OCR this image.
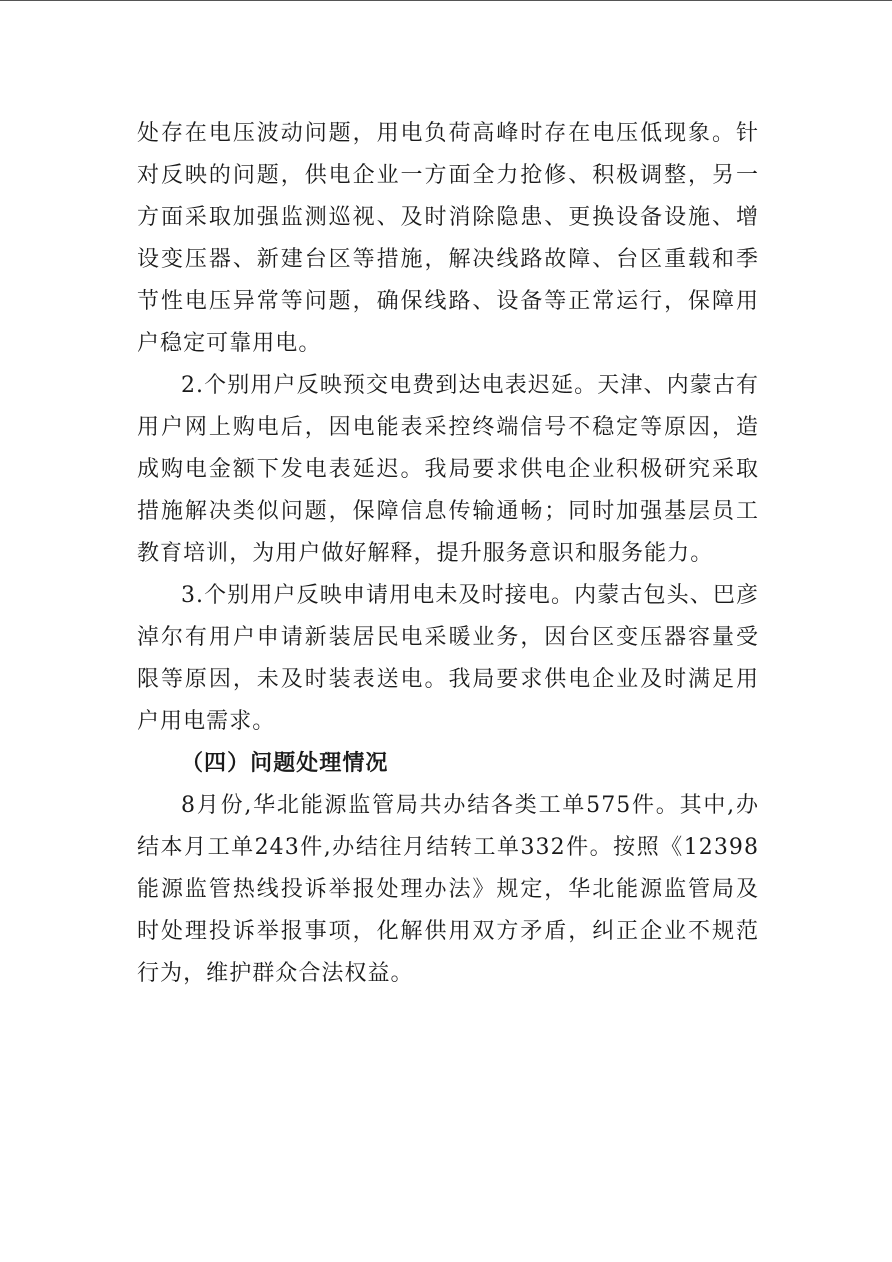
处存在电压波动问题，用电负荷高峰时存在电压低现象。针对反映的问题，供电企业一方面全力抢修、积极调整，另一方面采取加强监测巡视、及时消除隐患、更换设备设施、增设变压器、新建台区等措施，解决线路故障、台区重载和季节性电压异常等问题，确保线路、设备等正常运行，保障用户稳定可靠用电。

2.个别用户反映预交电费到达电表迟延。天津、内蒙古有用户网上购电后，因电能表采控终端信号不稳定等原因，造成购电金额下发电表延迟。我局要求供电企业积极研究采取措施解决类似问题，保障信息传输通畅；同时加强基层员工教育培训，为用户做好解释，提升服务意识和服务能力。

3.个别用户反映申请用电未及时接电。内蒙古包头、巴彦淖尔有用户申请新装居民电采暖业务，因台区变压器容量受限等原因，未及时装表送电。我局要求供电企业及时满足用户用电需求。

（四）问题处理情况

8月份,华北能源监管局共办结各类工单575件。其中,办结本月工单243件,办结往月结转工单332件。按照《12398能源监管热线投诉举报处理办法》规定，华北能源监管局及时处理投诉举报事项，化解供用双方矛盾，纠正企业不规范行为，维护群众合法权益。
